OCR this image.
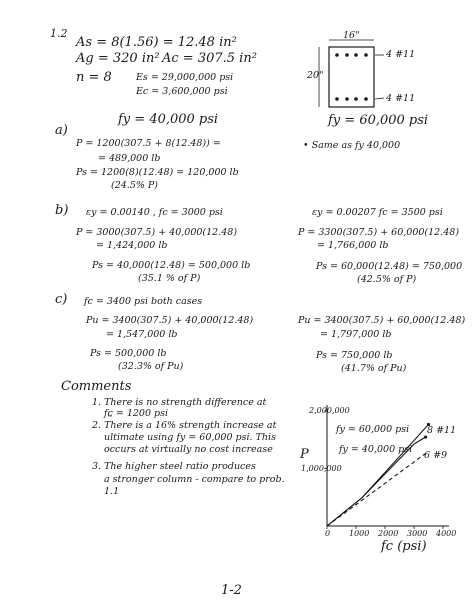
1.2
As = 8(1.56) = 12.48 in²
Ag = 320 in² Ac = 307.5 in²
n = 8	Es = 29,000,000 psi
Ec = 3,600,000 psi
fy = 40,000 psi	fy = 60,000 psi
16"
20"
4 #11
4 #11
a)
P = 1200(307.5 + 8(12.48)) =
= 489,000 lb
Ps = 1200(8)(12.48) = 120,000 lb
(24.5% P)
• Same as fy 40,000
b) εy = 0.00140 , fc = 3000 psi
P = 3000(307.5) + 40,000(12.48)
= 1,424,000 lb
Ps = 40,000(12.48) = 500,000 lb
(35.1 % of P)
εy = 0.00207 fc = 3500 psi
P = 3300(307.5) + 60,000(12.48)
= 1,766,000 lb
Ps = 60,000(12.48) = 750,000
(42.5% of P)
c) fc = 3400 psi both cases
Pu = 3400(307.5) + 40,000(12.48)
= 1,547,000 lb
Ps = 500,000 lb
(32.3% of Pu)
Pu = 3400(307.5) + 60,000(12.48)
= 1,797,000 lb
Ps = 750,000 lb
(41.7% of Pu)
Comments
1. There is no strength difference at
fc = 1200 psi
2. There is a 16% strength increase at
ultimate using fy = 60,000 psi. This
occurs at virtually no cost increase
3. The higher steel ratio produces
a stronger column - compare to prob.
1.1
2,000,000
1,000,000
P
0 1000 2000 3000 4000
fc (psi)
fy = 60,000 psi
fy = 40,000 psi
8 #11
6 #9
1-2
